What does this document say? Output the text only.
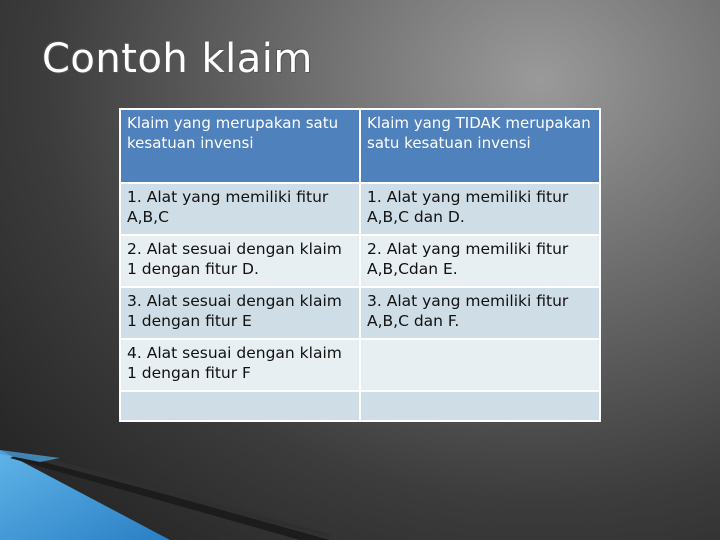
Contoh klaim
Klaim yang merupakan satu kesatuan invensi	Klaim yang TIDAK merupakan satu kesatuan invensi
1. Alat yang memiliki fitur A,B,C	1. Alat yang memiliki fitur A,B,C dan D.
2. Alat sesuai dengan klaim 1 dengan fitur D.	2. Alat yang memiliki fitur A,B,Cdan E.
3. Alat sesuai dengan klaim 1 dengan fitur E	3. Alat yang memiliki fitur A,B,C dan F.
4. Alat sesuai dengan klaim 1 dengan fitur F	
